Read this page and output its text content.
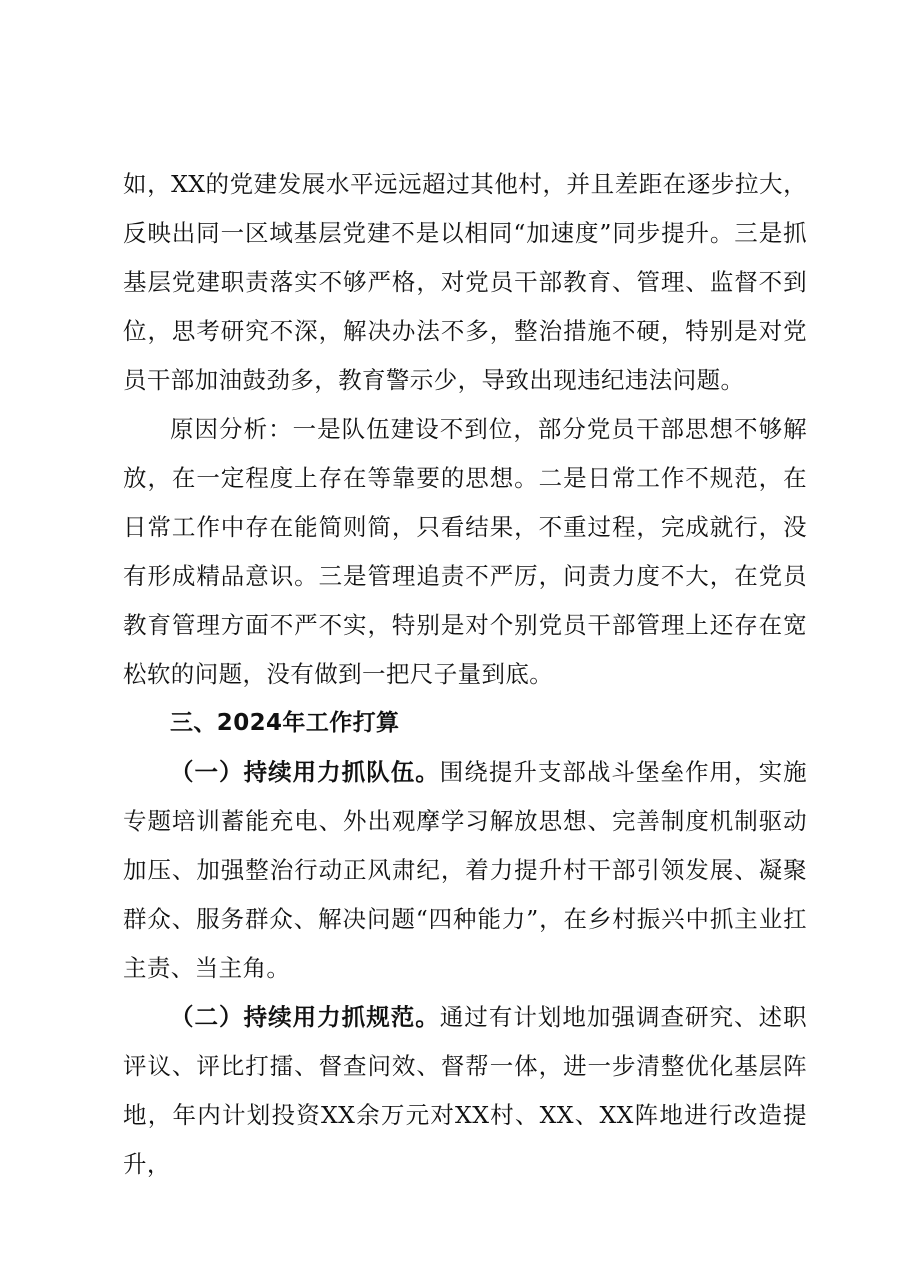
如，XX的党建发展水平远远超过其他村，并且差距在逐步拉大，反映出同一区域基层党建不是以相同“加速度”同步提升。三是抓基层党建职责落实不够严格，对党员干部教育、管理、监督不到位，思考研究不深，解决办法不多，整治措施不硬，特别是对党员干部加油鼓劲多，教育警示少，导致出现违纪违法问题。

原因分析：一是队伍建设不到位，部分党员干部思想不够解放，在一定程度上存在等靠要的思想。二是日常工作不规范，在日常工作中存在能简则简，只看结果，不重过程，完成就行，没有形成精品意识。三是管理追责不严厉，问责力度不大，在党员教育管理方面不严不实，特别是对个别党员干部管理上还存在宽松软的问题，没有做到一把尺子量到底。

三、2024年工作打算

（一）持续用力抓队伍。围绕提升支部战斗堡垒作用，实施专题培训蓄能充电、外出观摩学习解放思想、完善制度机制驱动加压、加强整治行动正风肃纪，着力提升村干部引领发展、凝聚群众、服务群众、解决问题“四种能力”，在乡村振兴中抓主业扛主责、当主角。

（二）持续用力抓规范。通过有计划地加强调查研究、述职评议、评比打擂、督查问效、督帮一体，进一步清整优化基层阵地，年内计划投资XX余万元对XX村、XX、XX阵地进行改造提升，
